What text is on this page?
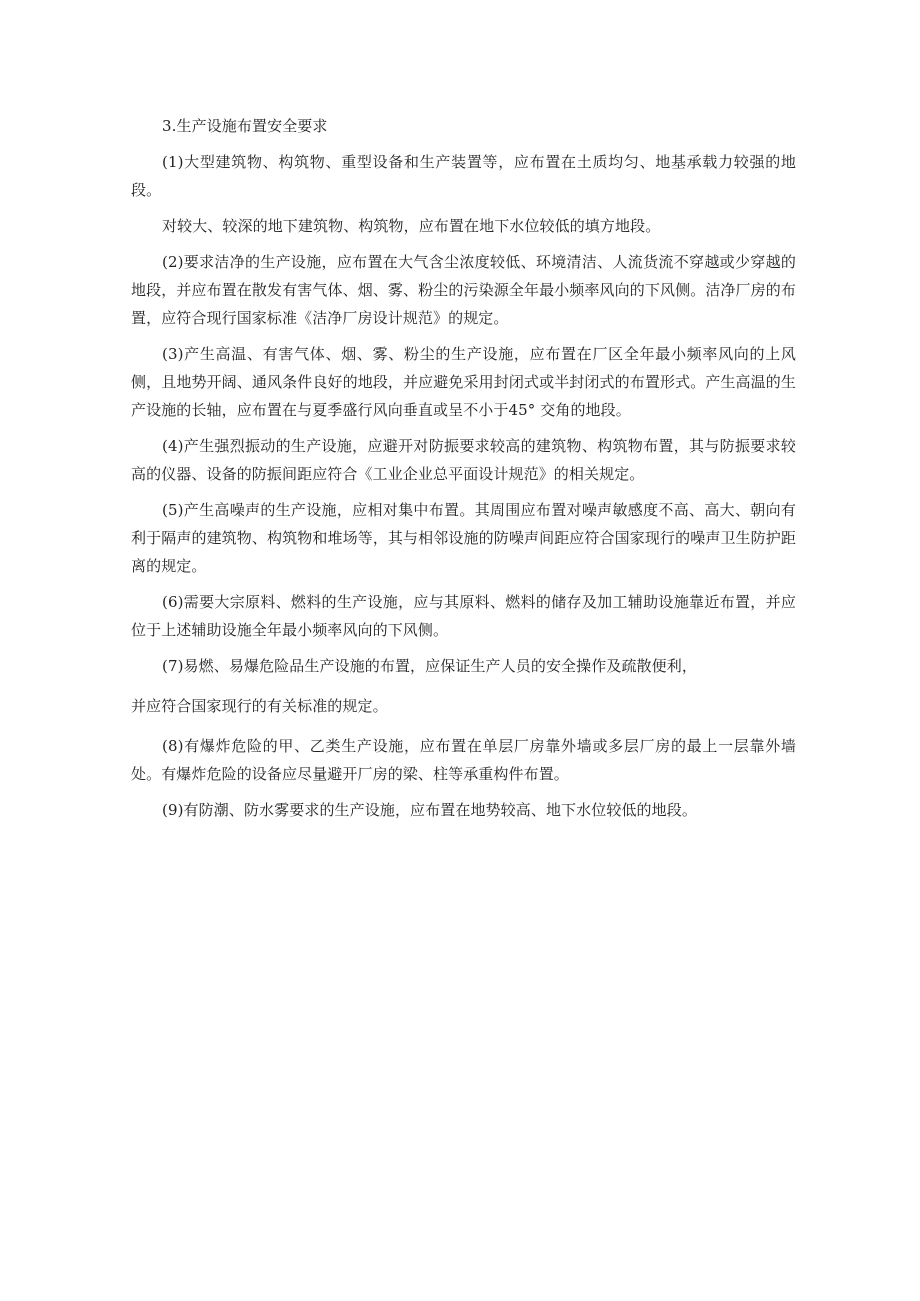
3.生产设施布置安全要求

(1)大型建筑物、构筑物、重型设备和生产装置等，应布置在土质均匀、地基承载力较强的地段。

对较大、较深的地下建筑物、构筑物，应布置在地下水位较低的填方地段。

(2)要求洁净的生产设施，应布置在大气含尘浓度较低、环境清洁、人流货流不穿越或少穿越的地段，并应布置在散发有害气体、烟、雾、粉尘的污染源全年最小频率风向的下风侧。洁净厂房的布置，应符合现行国家标准《洁净厂房设计规范》的规定。

(3)产生高温、有害气体、烟、雾、粉尘的生产设施，应布置在厂区全年最小频率风向的上风侧，且地势开阔、通风条件良好的地段，并应避免采用封闭式或半封闭式的布置形式。产生高温的生产设施的长轴，应布置在与夏季盛行风向垂直或呈不小于45° 交角的地段。

(4)产生强烈振动的生产设施，应避开对防振要求较高的建筑物、构筑物布置，其与防振要求较高的仪器、设备的防振间距应符合《工业企业总平面设计规范》的相关规定。

(5)产生高噪声的生产设施，应相对集中布置。其周围应布置对噪声敏感度不高、高大、朝向有利于隔声的建筑物、构筑物和堆场等，其与相邻设施的防噪声间距应符合国家现行的噪声卫生防护距离的规定。

(6)需要大宗原料、燃料的生产设施，应与其原料、燃料的储存及加工辅助设施靠近布置，并应位于上述辅助设施全年最小频率风向的下风侧。

(7)易燃、易爆危险品生产设施的布置，应保证生产人员的安全操作及疏散便利，

并应符合国家现行的有关标准的规定。

(8)有爆炸危险的甲、乙类生产设施，应布置在单层厂房靠外墙或多层厂房的最上一层靠外墙处。有爆炸危险的设备应尽量避开厂房的梁、柱等承重构件布置。

(9)有防潮、防水雾要求的生产设施，应布置在地势较高、地下水位较低的地段。
